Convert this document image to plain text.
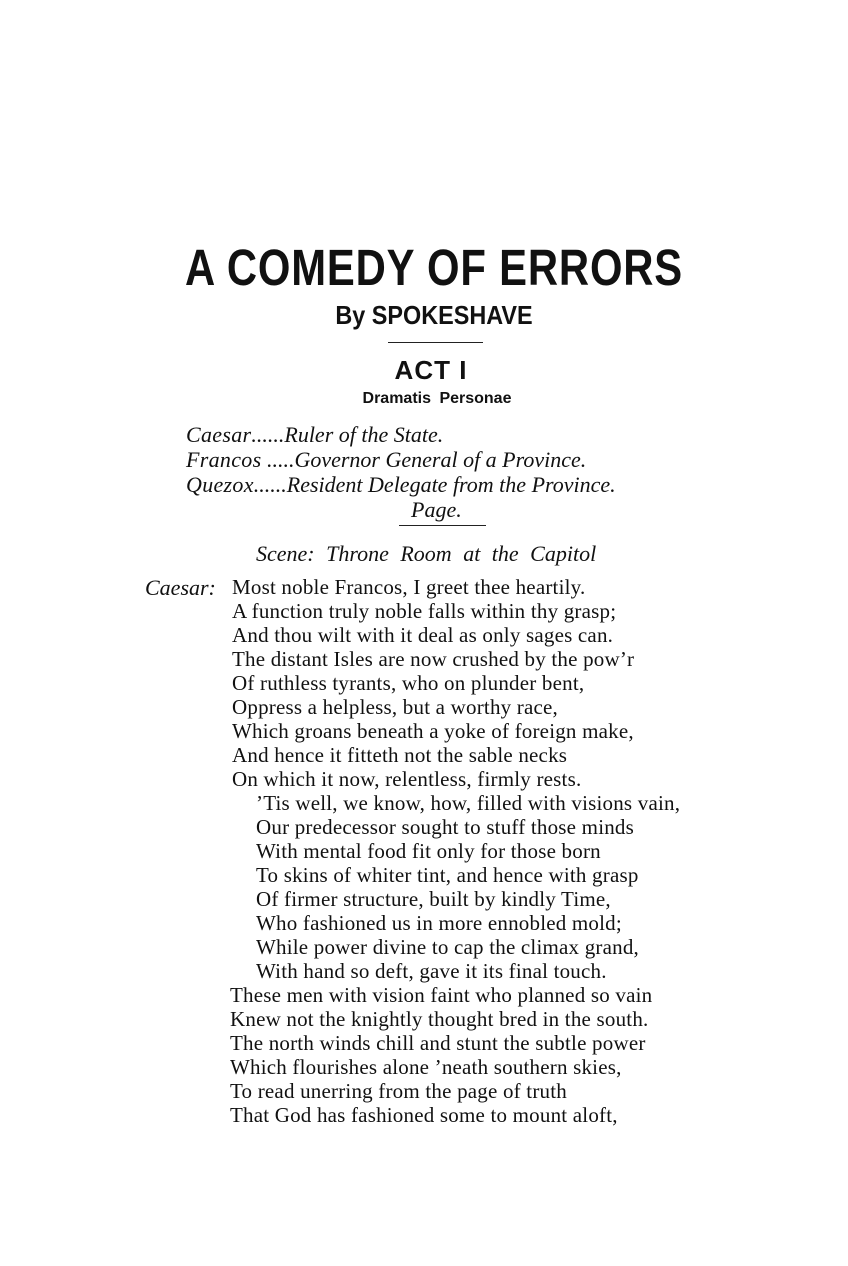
A COMEDY OF ERRORS
By SPOKESHAVE
ACT I
Dramatis Personae
Caesar......Ruler of the State.
Francos .....Governor General of a Province.
Quezox......Resident Delegate from the Province.
Page.
Scene: Throne Room at the Capitol
Caesar: Most noble Francos, I greet thee heartily.
A function truly noble falls within thy grasp;
And thou wilt with it deal as only sages can.
The distant Isles are now crushed by the pow’r
Of ruthless tyrants, who on plunder bent,
Oppress a helpless, but a worthy race,
Which groans beneath a yoke of foreign make,
And hence it fitteth not the sable necks
On which it now, relentless, firmly rests.
’Tis well, we know, how, filled with visions vain,
Our predecessor sought to stuff those minds
With mental food fit only for those born
To skins of whiter tint, and hence with grasp
Of firmer structure, built by kindly Time,
Who fashioned us in more ennobled mold;
While power divine to cap the climax grand,
With hand so deft, gave it its final touch.
These men with vision faint who planned so vain
Knew not the knightly thought bred in the south.
The north winds chill and stunt the subtle power
Which flourishes alone ’neath southern skies,
To read unerring from the page of truth
That God has fashioned some to mount aloft,
